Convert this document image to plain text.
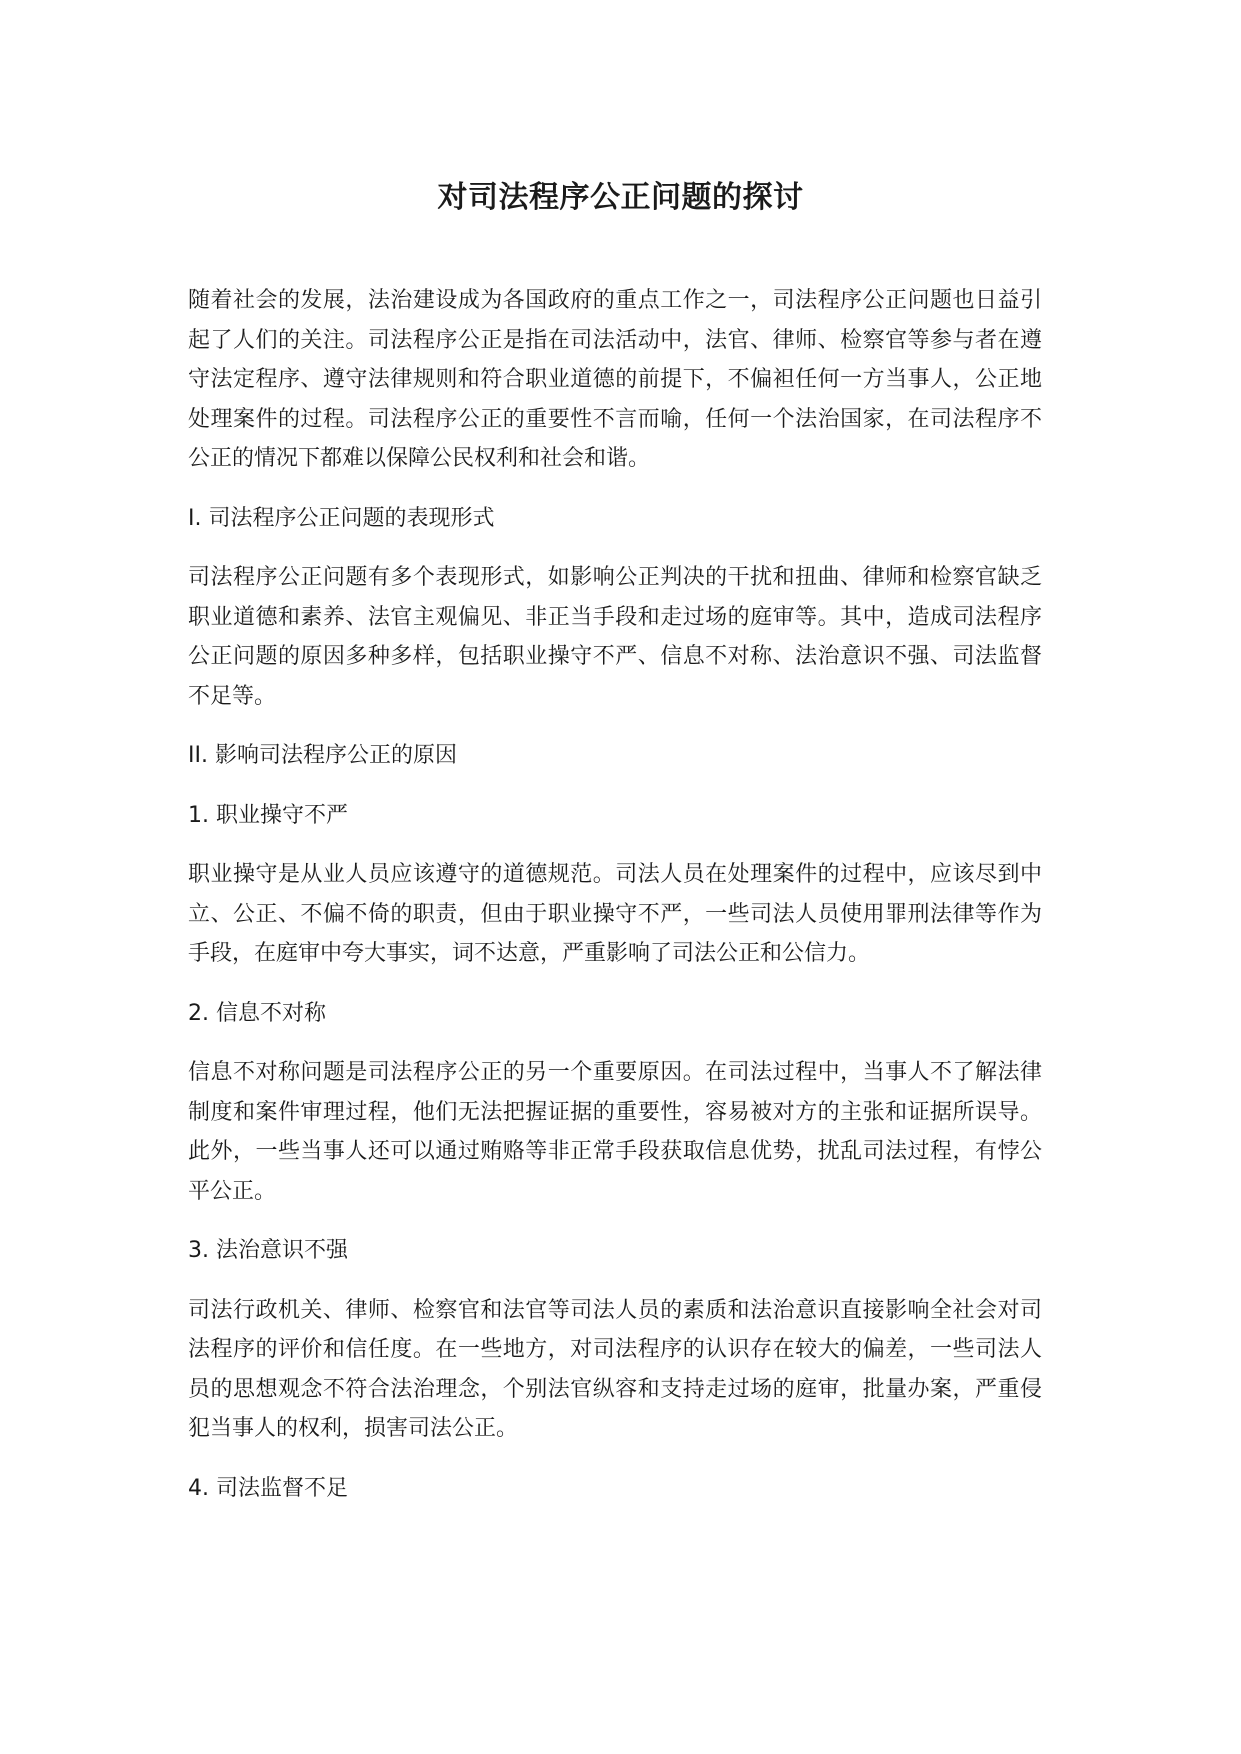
对司法程序公正问题的探讨

随着社会的发展，法治建设成为各国政府的重点工作之一，司法程序公正问题也日益引起了人们的关注。司法程序公正是指在司法活动中，法官、律师、检察官等参与者在遵守法定程序、遵守法律规则和符合职业道德的前提下，不偏袒任何一方当事人，公正地处理案件的过程。司法程序公正的重要性不言而喻，任何一个法治国家，在司法程序不公正的情况下都难以保障公民权利和社会和谐。

I. 司法程序公正问题的表现形式

司法程序公正问题有多个表现形式，如影响公正判决的干扰和扭曲、律师和检察官缺乏职业道德和素养、法官主观偏见、非正当手段和走过场的庭审等。其中，造成司法程序公正问题的原因多种多样，包括职业操守不严、信息不对称、法治意识不强、司法监督不足等。

II. 影响司法程序公正的原因

1. 职业操守不严

职业操守是从业人员应该遵守的道德规范。司法人员在处理案件的过程中，应该尽到中立、公正、不偏不倚的职责，但由于职业操守不严，一些司法人员使用罪刑法律等作为手段，在庭审中夸大事实，词不达意，严重影响了司法公正和公信力。

2. 信息不对称

信息不对称问题是司法程序公正的另一个重要原因。在司法过程中，当事人不了解法律制度和案件审理过程，他们无法把握证据的重要性，容易被对方的主张和证据所误导。此外，一些当事人还可以通过贿赂等非正常手段获取信息优势，扰乱司法过程，有悖公平公正。

3. 法治意识不强

司法行政机关、律师、检察官和法官等司法人员的素质和法治意识直接影响全社会对司法程序的评价和信任度。在一些地方，对司法程序的认识存在较大的偏差，一些司法人员的思想观念不符合法治理念，个别法官纵容和支持走过场的庭审，批量办案，严重侵犯当事人的权利，损害司法公正。

4. 司法监督不足
